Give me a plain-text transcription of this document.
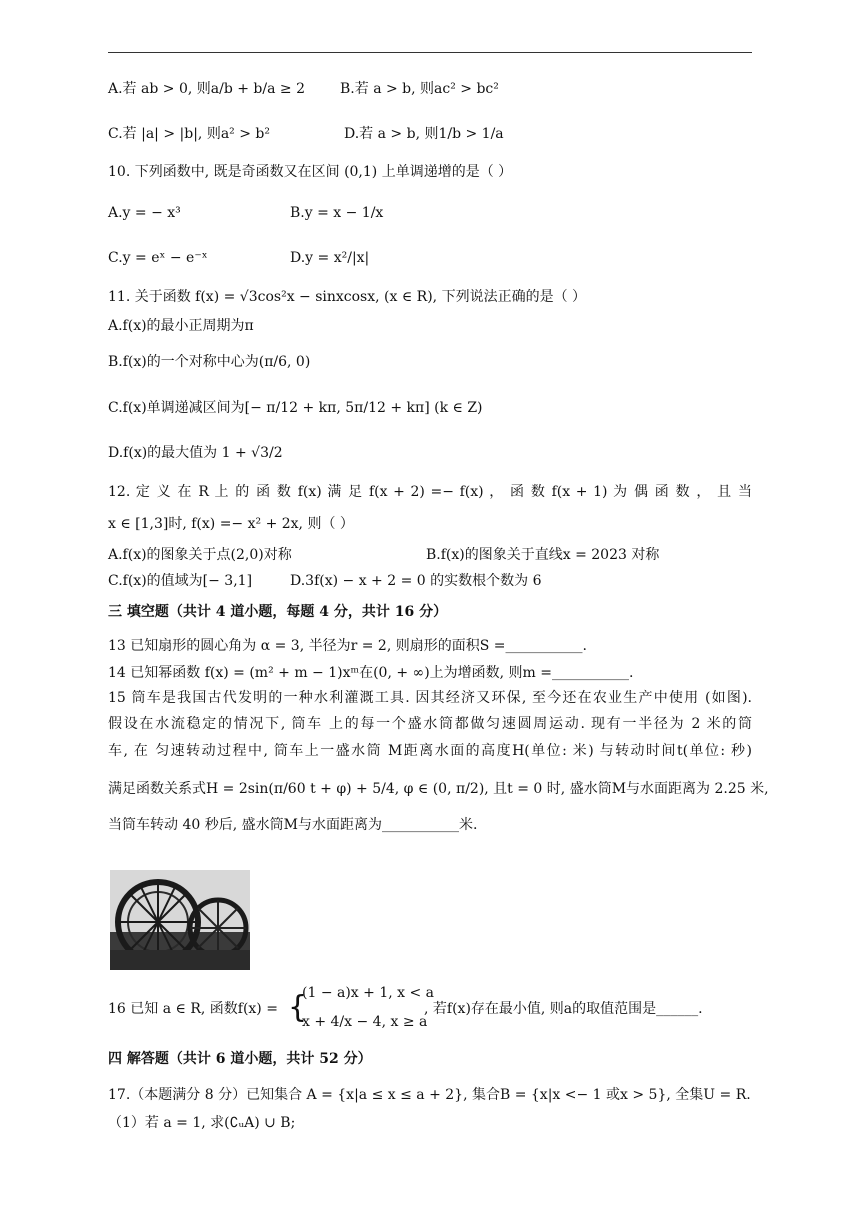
A.若 ab > 0, 则a/b + b/a ≥ 2	B.若 a > b, 则ac² > bc²
C.若 |a| > |b|, 则a² > b²	D.若 a > b, 则1/b > 1/a
10. 下列函数中, 既是奇函数又在区间 (0,1) 上单调递增的是（ ）
A.y = − x³	B.y = x − 1/x
C.y = eˣ − e⁻ˣ	D.y = x²/|x|
11. 关于函数 f(x) = √3cos²x − sinxcosx, (x ∈ R), 下列说法正确的是（ ）
A.f(x)的最小正周期为π
B.f(x)的一个对称中心为(π/6, 0)
C.f(x)单调递减区间为[− π/12 + kπ, 5π/12 + kπ] (k ∈ Z)
D.f(x)的最大值为 1 + √3/2
12. 定 义 在 R 上 的 函 数 f(x) 满 足 f(x + 2) =− f(x) ， 函 数 f(x + 1) 为 偶 函 数 ， 且 当
x ∈ [1,3]时, f(x) =− x² + 2x, 则（ ）
A.f(x)的图象关于点(2,0)对称	B.f(x)的图象关于直线x = 2023 对称
C.f(x)的值域为[− 3,1]	D.3f(x) − x + 2 = 0 的实数根个数为 6
三 填空题（共计 4 道小题，每题 4 分，共计 16 分）
13 已知扇形的圆心角为 α = 3, 半径为r = 2, 则扇形的面积S =___________.
14 已知幂函数 f(x) = (m² + m − 1)xᵐ在(0, + ∞)上为增函数, 则m =___________.
15 筒车是我国古代发明的一种水利灌溉工具. 因其经济又环保, 至今还在农业生产中使用 (如图).
假设在水流稳定的情况下, 筒车 上的每一个盛水筒都做匀速圆周运动. 现有一半径为 2 米的筒
车, 在 匀速转动过程中, 筒车上一盛水筒 M距离水面的高度H(单位: 米) 与转动时间t(单位: 秒)
满足函数关系式H = 2sin(π/60 t + φ) + 5/4, φ ∈ (0, π/2), 且t = 0 时, 盛水筒M与水面距离为 2.25 米,
当筒车转动 40 秒后, 盛水筒M与水面距离为___________米.
16 已知 a ∈ R, 函数f(x) = {
(1 − a)x + 1, x < a
x + 4/x − 4, x ≥ a
, 若f(x)存在最小值, 则a的取值范围是______.
四 解答题（共计 6 道小题，共计 52 分）
17.（本题满分 8 分）已知集合 A = {x|a ≤ x ≤ a + 2}, 集合B = {x|x <− 1 或x > 5}, 全集U = R.
（1）若 a = 1, 求(∁ᵤA) ∪ B;
